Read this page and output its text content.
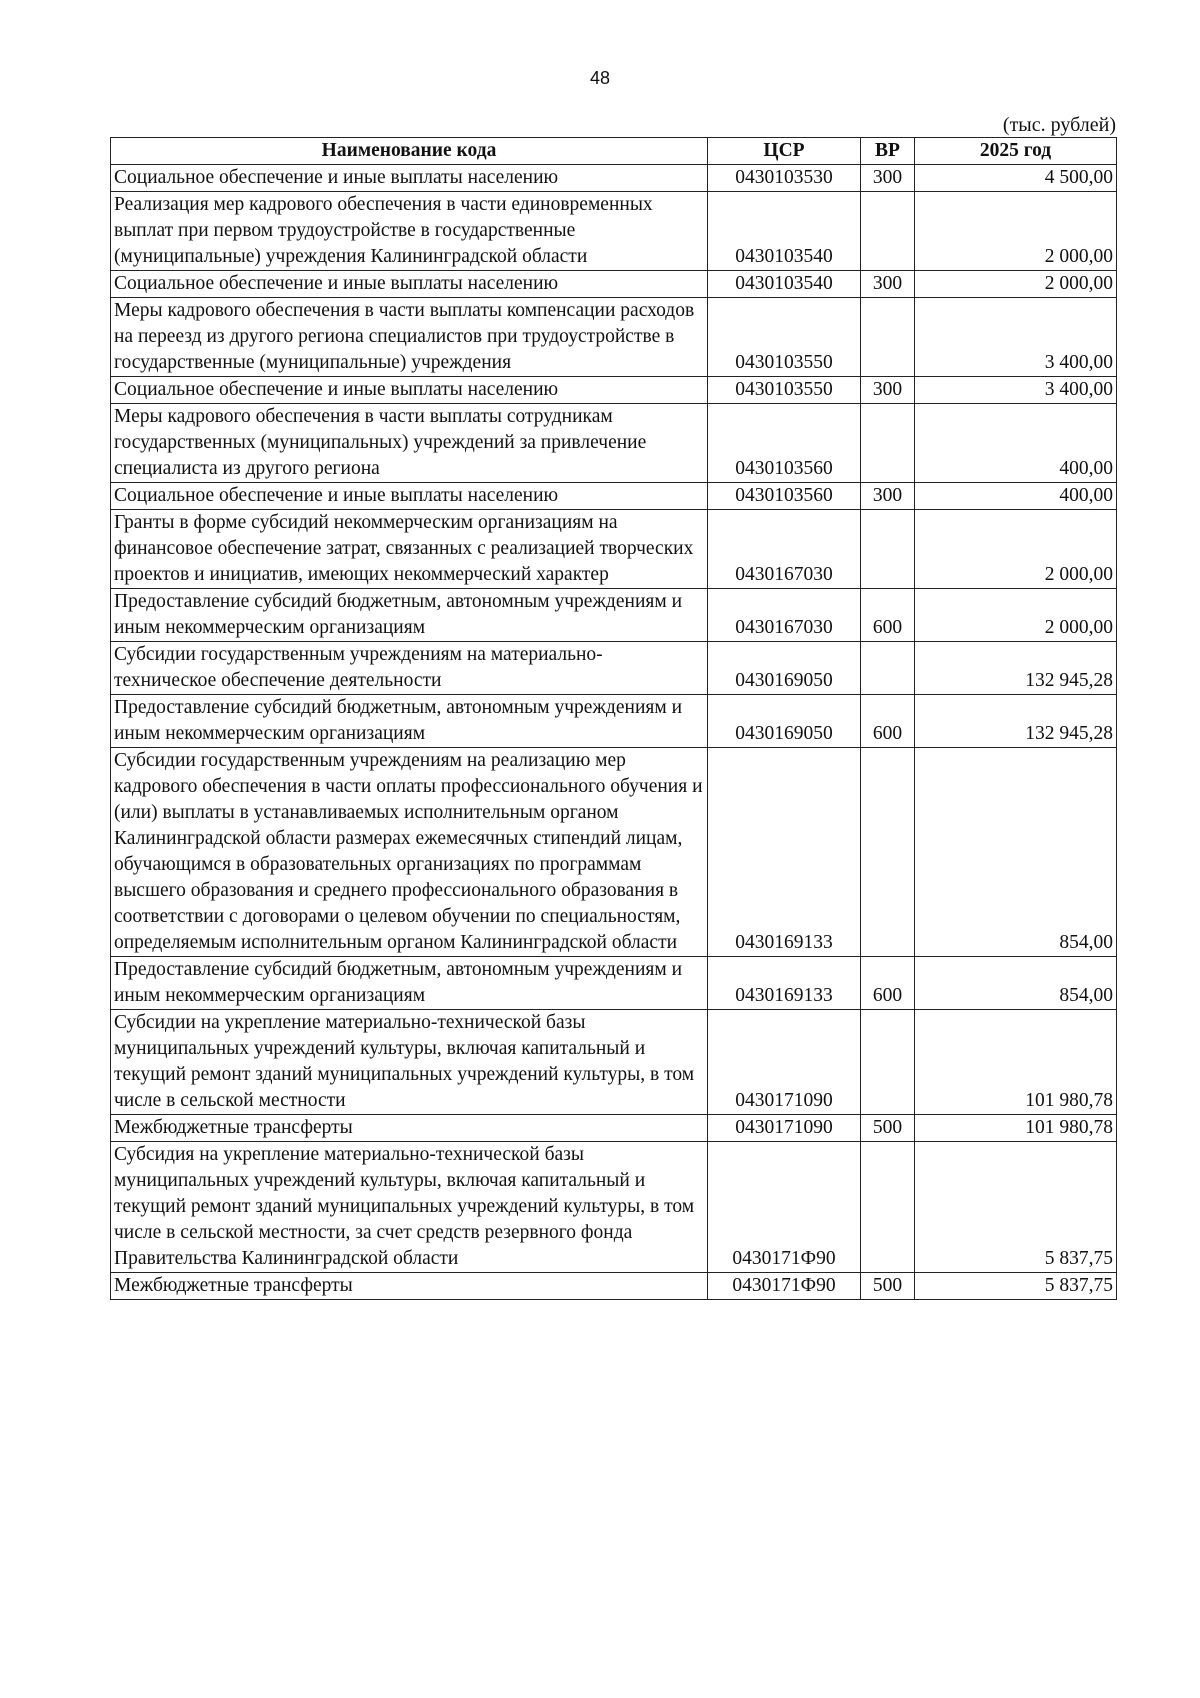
48
(тыс. рублей)
Наименование кода	ЦСР	ВР	2025 год
Социальное обеспечение и иные выплаты населению	0430103530	300	4 500,00
Реализация мер кадрового обеспечения в части единовременных выплат при первом трудоустройстве в государственные (муниципальные) учреждения Калининградской области	0430103540		2 000,00
Социальное обеспечение и иные выплаты населению	0430103540	300	2 000,00
Меры кадрового обеспечения в части выплаты компенсации расходов на переезд из другого региона специалистов при трудоустройстве в государственные (муниципальные) учреждения	0430103550		3 400,00
Социальное обеспечение и иные выплаты населению	0430103550	300	3 400,00
Меры кадрового обеспечения в части выплаты сотрудникам государственных (муниципальных) учреждений за привлечение специалиста из другого региона	0430103560		400,00
Социальное обеспечение и иные выплаты населению	0430103560	300	400,00
Гранты в форме субсидий некоммерческим организациям на финансовое обеспечение затрат, связанных с реализацией творческих проектов и инициатив, имеющих некоммерческий характер	0430167030		2 000,00
Предоставление субсидий бюджетным, автономным учреждениям и иным некоммерческим организациям	0430167030	600	2 000,00
Субсидии государственным учреждениям на материально-техническое обеспечение деятельности	0430169050		132 945,28
Предоставление субсидий бюджетным, автономным учреждениям и иным некоммерческим организациям	0430169050	600	132 945,28
Субсидии государственным учреждениям на реализацию мер кадрового обеспечения в части оплаты профессионального обучения и (или) выплаты в устанавливаемых исполнительным органом Калининградской области размерах ежемесячных стипендий лицам, обучающимся в образовательных организациях по программам высшего образования и среднего профессионального образования в соответствии с договорами о целевом обучении по специальностям, определяемым исполнительным органом Калининградской области	0430169133		854,00
Предоставление субсидий бюджетным, автономным учреждениям и иным некоммерческим организациям	0430169133	600	854,00
Субсидии на укрепление материально-технической базы муниципальных учреждений культуры, включая капитальный и текущий ремонт зданий муниципальных учреждений культуры, в том числе в сельской местности	0430171090		101 980,78
Межбюджетные трансферты	0430171090	500	101 980,78
Субсидия на укрепление материально-технической базы муниципальных учреждений культуры, включая капитальный и текущий ремонт зданий муниципальных учреждений культуры, в том числе в сельской местности, за счет средств резервного фонда Правительства Калининградской области	0430171Ф90		5 837,75
Межбюджетные трансферты	0430171Ф90	500	5 837,75
